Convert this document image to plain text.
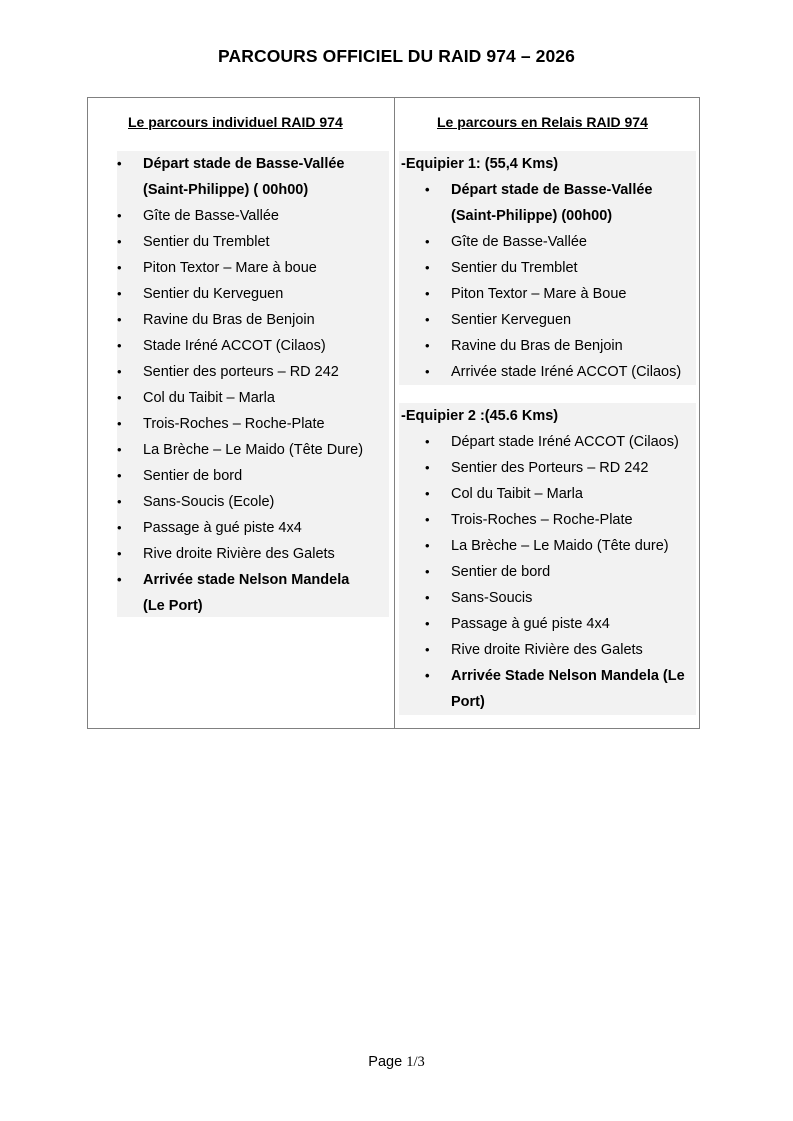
PARCOURS OFFICIEL DU RAID 974 – 2026
Le parcours individuel RAID 974
• Départ stade de Basse-Vallée (Saint-Philippe) ( 00h00)
• Gîte de Basse-Vallée
• Sentier du Tremblet
• Piton Textor – Mare à boue
• Sentier du Kerveguen
• Ravine du Bras de Benjoin
• Stade Iréné ACCOT (Cilaos)
• Sentier des porteurs – RD 242
• Col du Taibit – Marla
• Trois-Roches – Roche-Plate
• La Brèche – Le Maido (Tête Dure)
• Sentier de bord
• Sans-Soucis (Ecole)
• Passage à gué piste 4x4
• Rive droite Rivière des Galets
• Arrivée stade Nelson Mandela (Le Port)
Le parcours en Relais RAID 974
-Equipier 1: (55,4 Kms)
• Départ stade de Basse-Vallée (Saint-Philippe) (00h00)
• Gîte de Basse-Vallée
• Sentier du Tremblet
• Piton Textor – Mare à Boue
• Sentier Kerveguen
• Ravine du Bras de Benjoin
• Arrivée stade Iréné ACCOT (Cilaos)
-Equipier 2 :(45.6 Kms)
• Départ stade Iréné ACCOT (Cilaos)
• Sentier des Porteurs – RD 242
• Col du Taibit – Marla
• Trois-Roches – Roche-Plate
• La Brèche – Le Maido (Tête dure)
• Sentier de bord
• Sans-Soucis
• Passage à gué piste 4x4
• Rive droite Rivière des Galets
• Arrivée Stade Nelson Mandela (Le Port)
Page 1/3
